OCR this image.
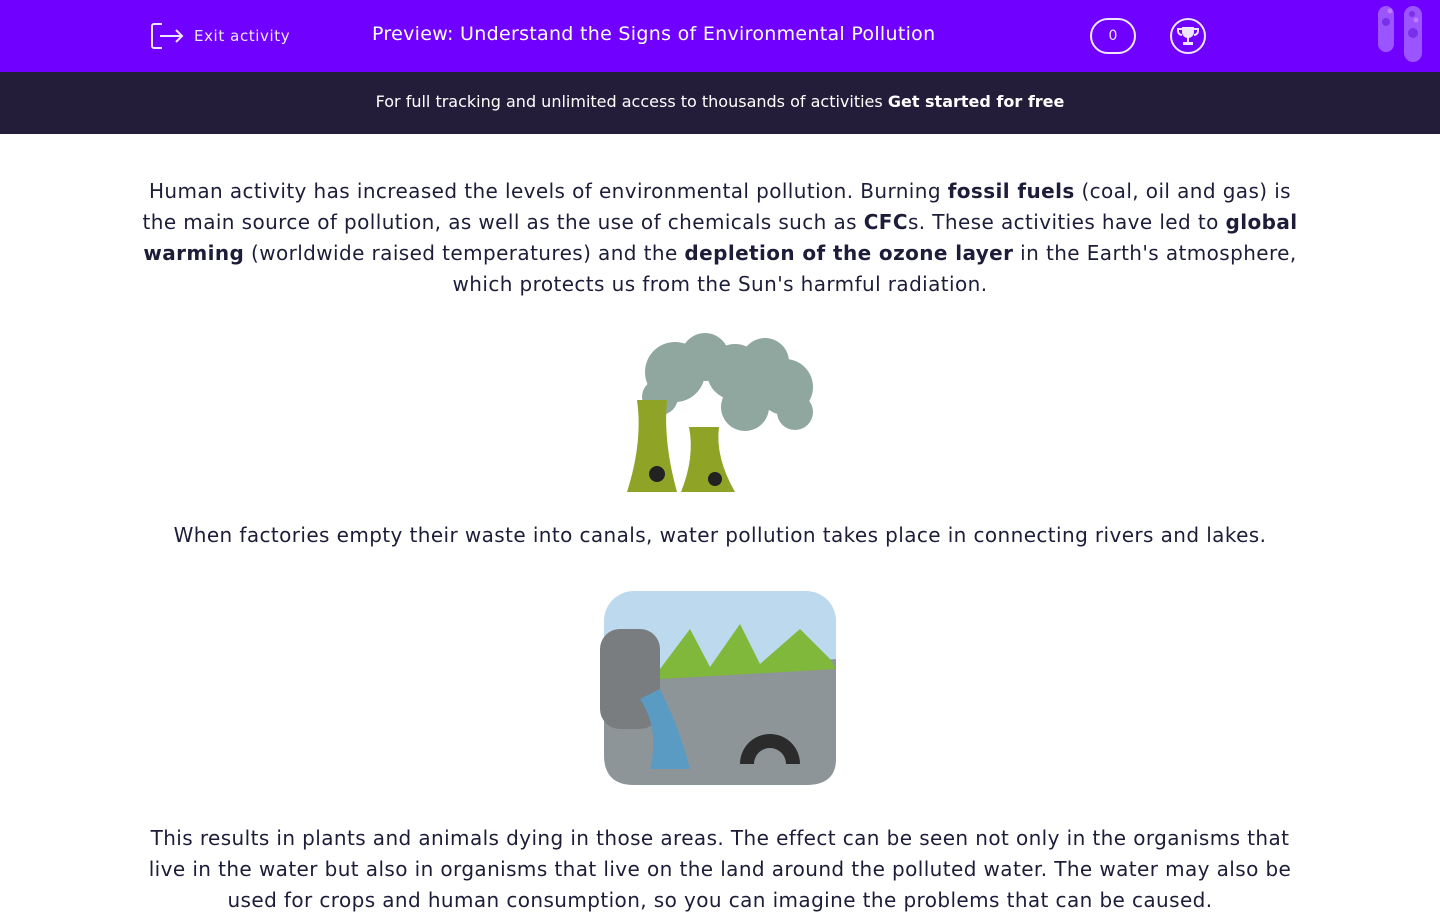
Exit activity	Preview: Understand the Signs of Environmental Pollution	0
For full tracking and unlimited access to thousands of activities Get started for free

Human activity has increased the levels of environmental pollution. Burning fossil fuels (coal, oil and gas) is the main source of pollution, as well as the use of chemicals such as CFCs. These activities have led to global warming (worldwide raised temperatures) and the depletion of the ozone layer in the Earth's atmosphere, which protects us from the Sun's harmful radiation.

When factories empty their waste into canals, water pollution takes place in connecting rivers and lakes.

This results in plants and animals dying in those areas. The effect can be seen not only in the organisms that live in the water but also in organisms that live on the land around the polluted water. The water may also be used for crops and human consumption, so you can imagine the problems that can be caused.
